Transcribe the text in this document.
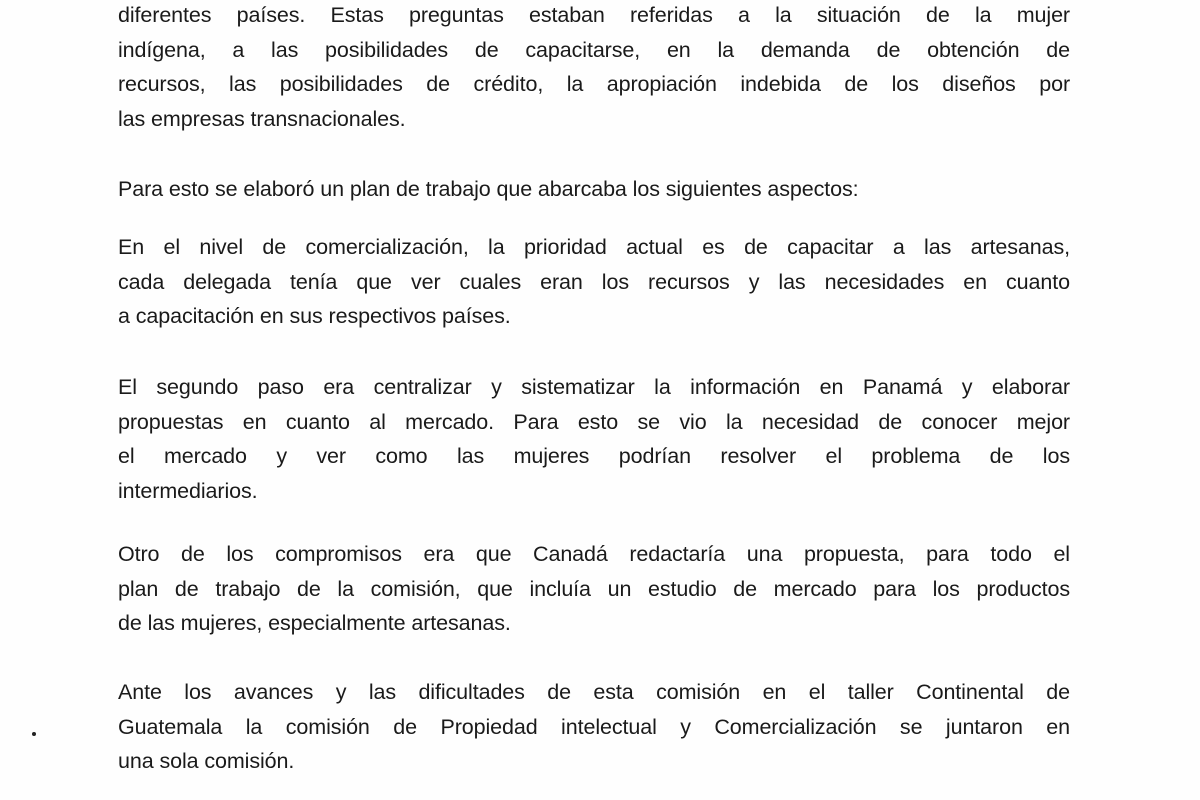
diferentes países. Estas preguntas estaban referidas a la situación de la mujer
indígena, a las posibilidades de capacitarse, en la demanda de obtención de
recursos, las posibilidades de crédito, la apropiación indebida de los diseños por
las empresas transnacionales.
Para esto se elaboró un plan de trabajo que abarcaba los siguientes aspectos:
En el nivel de comercialización, la prioridad actual es de capacitar a las artesanas,
cada delegada tenía que ver cuales eran los recursos y las necesidades en cuanto
a capacitación en sus respectivos países.
El segundo paso era centralizar y sistematizar la información en Panamá y elaborar
propuestas en cuanto al mercado. Para esto se vio la necesidad de conocer mejor
el mercado y ver como las mujeres podrían resolver el problema de los
intermediarios.
Otro de los compromisos era que Canadá redactaría una propuesta, para todo el
plan de trabajo de la comisión, que incluía un estudio de mercado para los productos
de las mujeres, especialmente artesanas.
Ante los avances y las dificultades de esta comisión en el taller Continental de
Guatemala la comisión de Propiedad intelectual y Comercialización se juntaron en
una sola comisión.
